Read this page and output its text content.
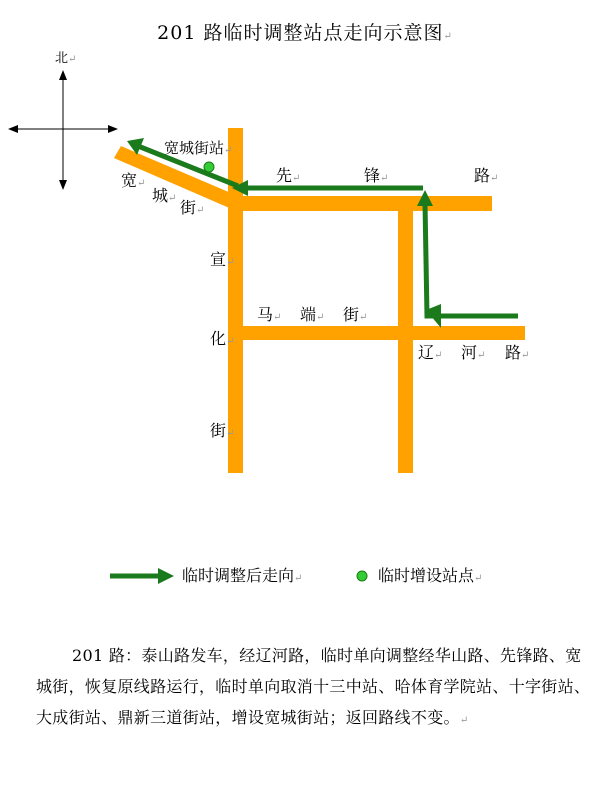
201 路临时调整站点走向示意图↵
北↵
宽城街站↵
宽↵
城↵ 街↵
先↵	锋↵	路↵
宣↵
化↵
街↵
马↵ 端↵ 街↵
辽↵ 河↵ 路↵
临时调整后走向↵	临时增设站点↵
201 路：泰山路发车，经辽河路，临时单向调整经华山路、先锋路、宽城街，恢复原线路运行，临时单向取消十三中站、哈体育学院站、十字街站、大成街站、鼎新三道街站，增设宽城街站；返回路线不变。↵
